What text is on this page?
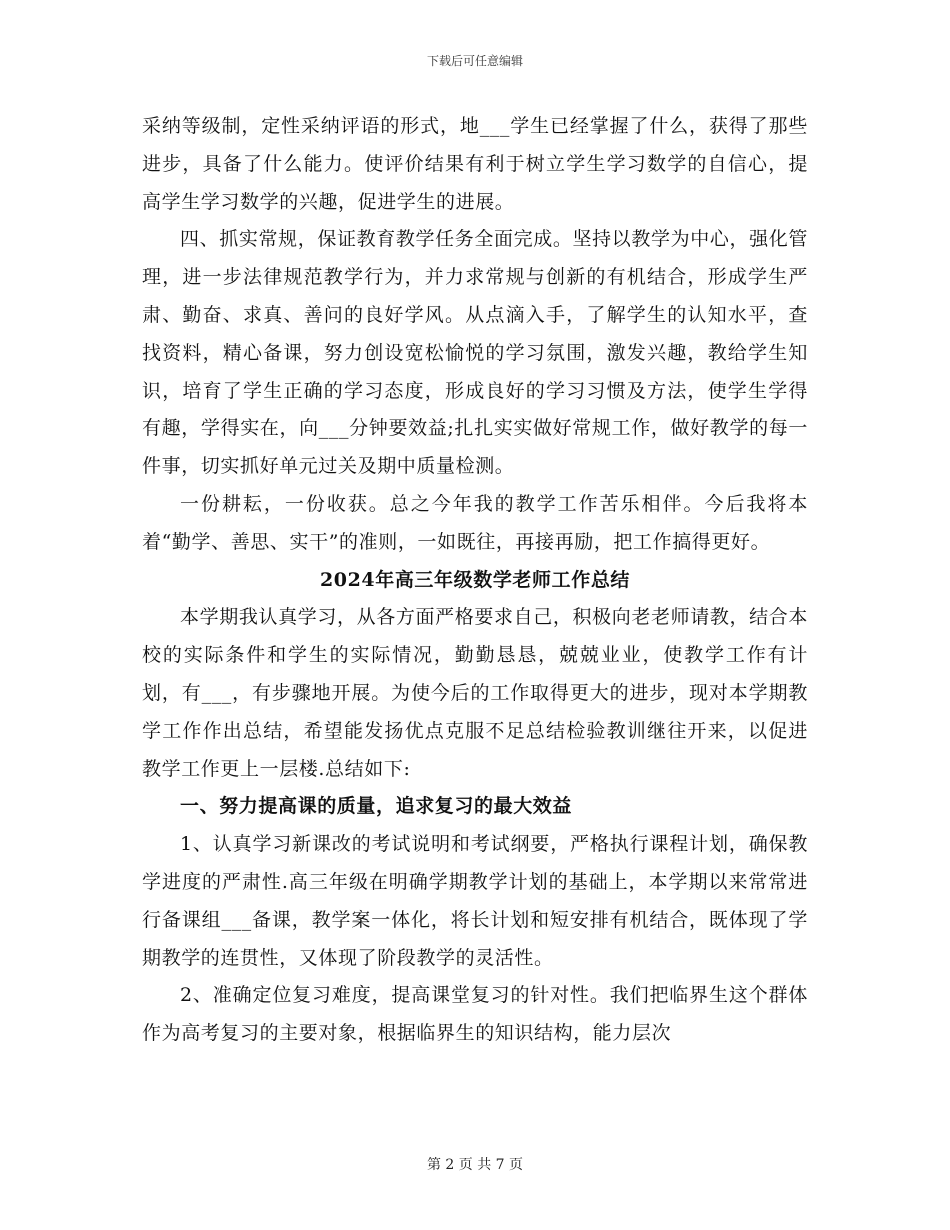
下载后可任意编辑

采纳等级制，定性采纳评语的形式，地___学生已经掌握了什么，获得了那些进步，具备了什么能力。使评价结果有利于树立学生学习数学的自信心，提高学生学习数学的兴趣，促进学生的进展。

四、抓实常规，保证教育教学任务全面完成。坚持以教学为中心，强化管理，进一步法律规范教学行为，并力求常规与创新的有机结合，形成学生严肃、勤奋、求真、善问的良好学风。从点滴入手，了解学生的认知水平，查找资料，精心备课，努力创设宽松愉悦的学习氛围，激发兴趣，教给学生知识，培育了学生正确的学习态度，形成良好的学习习惯及方法，使学生学得有趣，学得实在，向___分钟要效益;扎扎实实做好常规工作，做好教学的每一件事，切实抓好单元过关及期中质量检测。

一份耕耘，一份收获。总之今年我的教学工作苦乐相伴。今后我将本着“勤学、善思、实干”的准则，一如既往，再接再励，把工作搞得更好。

2024年高三年级数学老师工作总结

本学期我认真学习，从各方面严格要求自己，积极向老老师请教，结合本校的实际条件和学生的实际情况，勤勤恳恳，兢兢业业，使教学工作有计划，有___，有步骤地开展。为使今后的工作取得更大的进步，现对本学期教学工作作出总结，希望能发扬优点克服不足总结检验教训继往开来，以促进教学工作更上一层楼.总结如下:

一、努力提高课的质量，追求复习的最大效益

1、认真学习新课改的考试说明和考试纲要，严格执行课程计划，确保教学进度的严肃性.高三年级在明确学期教学计划的基础上，本学期以来常常进行备课组___备课，教学案一体化，将长计划和短安排有机结合，既体现了学期教学的连贯性，又体现了阶段教学的灵活性。

2、准确定位复习难度，提高课堂复习的针对性。我们把临界生这个群体作为高考复习的主要对象，根据临界生的知识结构，能力层次

第 2 页 共 7 页
